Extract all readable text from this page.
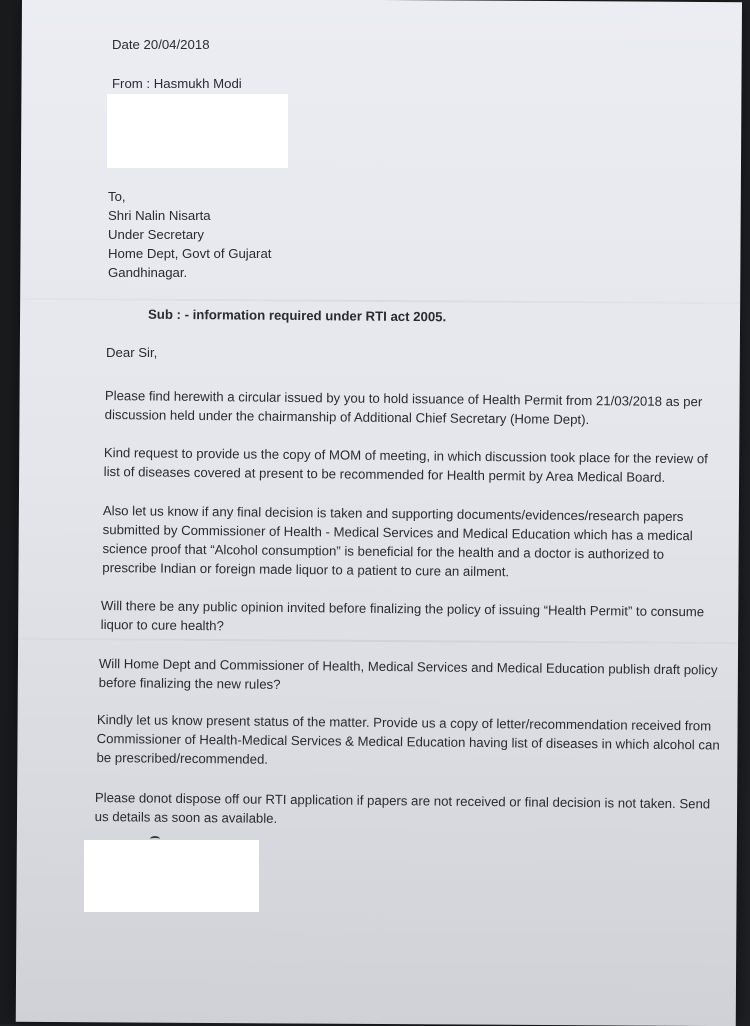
Date 20/04/2018
From : Hasmukh Modi
To,
Shri Nalin Nisarta
Under Secretary
Home Dept, Govt of Gujarat
Gandhinagar.
Sub : - information required under RTI act 2005.
Dear Sir,
Please find herewith a circular issued by you to hold issuance of Health Permit from 21/03/2018 as per
discussion held under the chairmanship of Additional Chief Secretary (Home Dept).
Kind request to provide us the copy of MOM of meeting, in which discussion took place for the review of
list of diseases covered at present to be recommended for Health permit by Area Medical Board.
Also let us know if any final decision is taken and supporting documents/evidences/research papers
submitted by Commissioner of Health - Medical Services and Medical Education which has a medical
science proof that “Alcohol consumption” is beneficial for the health and a doctor is authorized to
prescribe Indian or foreign made liquor to a patient to cure an ailment.
Will there be any public opinion invited before finalizing the policy of issuing “Health Permit” to consume
liquor to cure health?
Will Home Dept and Commissioner of Health, Medical Services and Medical Education publish draft policy
before finalizing the new rules?
Kindly let us know present status of the matter. Provide us a copy of letter/recommendation received from
Commissioner of Health-Medical Services & Medical Education having list of diseases in which alcohol can
be prescribed/recommended.
Please donot dispose off our RTI application if papers are not received or final decision is not taken. Send
us details as soon as available.
